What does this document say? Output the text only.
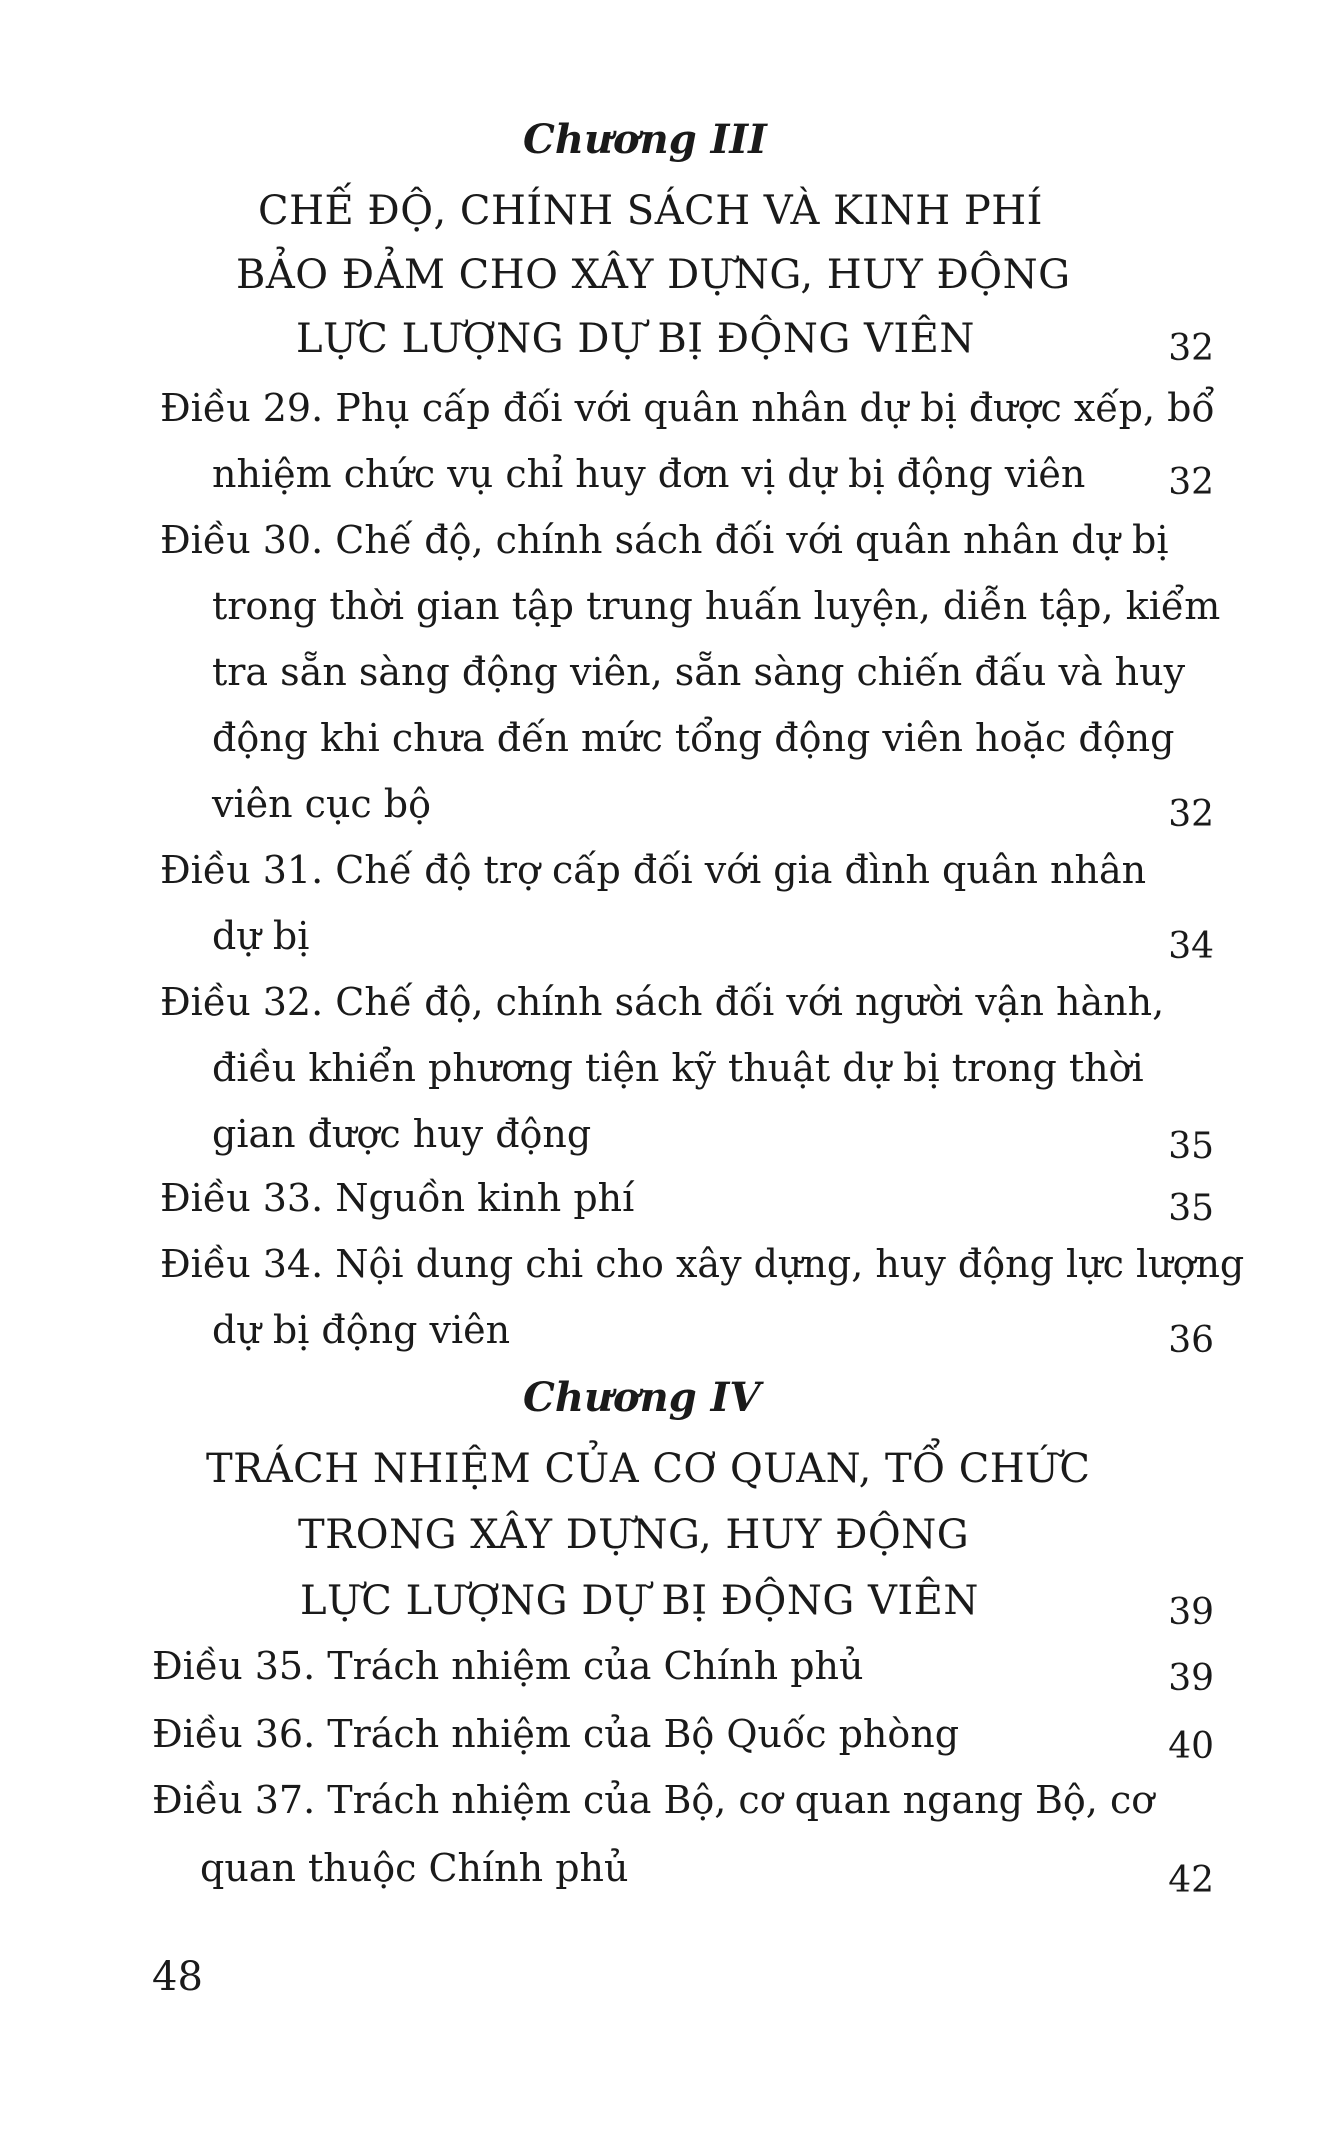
Chương III
CHẾ ĐỘ, CHÍNH SÁCH VÀ KINH PHÍ
BẢO ĐẢM CHO XÂY DỰNG, HUY ĐỘNG
LỰC LƯỢNG DỰ BỊ ĐỘNG VIÊN	32
Điều 29. Phụ cấp đối với quân nhân dự bị được xếp, bổ
nhiệm chức vụ chỉ huy đơn vị dự bị động viên	32
Điều 30. Chế độ, chính sách đối với quân nhân dự bị
trong thời gian tập trung huấn luyện, diễn tập, kiểm
tra sẵn sàng động viên, sẵn sàng chiến đấu và huy
động khi chưa đến mức tổng động viên hoặc động
viên cục bộ	32
Điều 31. Chế độ trợ cấp đối với gia đình quân nhân
dự bị	34
Điều 32. Chế độ, chính sách đối với người vận hành,
điều khiển phương tiện kỹ thuật dự bị trong thời
gian được huy động	35
Điều 33. Nguồn kinh phí	35
Điều 34. Nội dung chi cho xây dựng, huy động lực lượng
dự bị động viên	36
Chương IV
TRÁCH NHIỆM CỦA CƠ QUAN, TỔ CHỨC
TRONG XÂY DỰNG, HUY ĐỘNG
LỰC LƯỢNG DỰ BỊ ĐỘNG VIÊN	39
Điều 35. Trách nhiệm của Chính phủ	39
Điều 36. Trách nhiệm của Bộ Quốc phòng	40
Điều 37. Trách nhiệm của Bộ, cơ quan ngang Bộ, cơ
quan thuộc Chính phủ	42
48
